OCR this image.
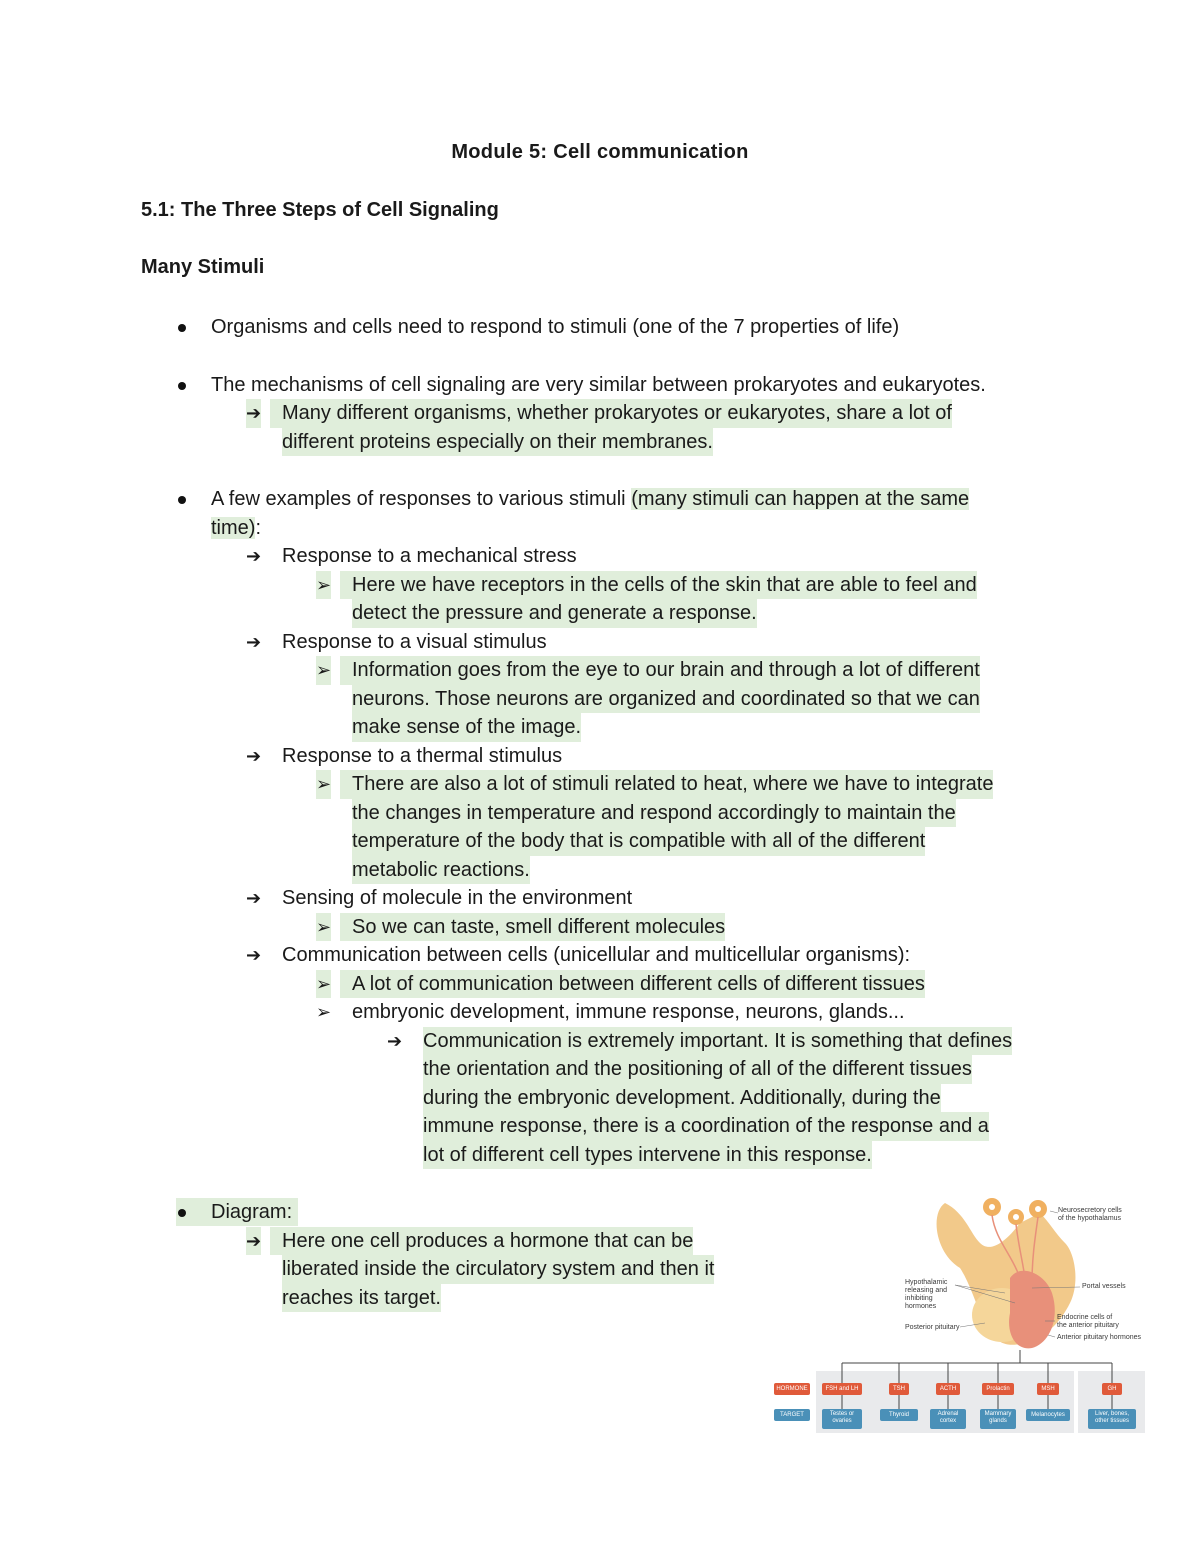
Module 5: Cell communication
5.1: The Three Steps of Cell Signaling
Many Stimuli
Organisms and cells need to respond to stimuli (one of the 7 properties of life)
The mechanisms of cell signaling are very similar between prokaryotes and eukaryotes.
➔	Many different organisms, whether prokaryotes or eukaryotes, share a lot of
different proteins especially on their membranes.
A few examples of responses to various stimuli (many stimuli can happen at the same
time):
➔ Response to a mechanical stress
➢	Here we have receptors in the cells of the skin that are able to feel and
detect the pressure and generate a response.
➔ Response to a visual stimulus
➢	Information goes from the eye to our brain and through a lot of different
neurons. Those neurons are organized and coordinated so that we can
make sense of the image.
➔ Response to a thermal stimulus
➢	There are also a lot of stimuli related to heat, where we have to integrate
the changes in temperature and respond accordingly to maintain the
temperature of the body that is compatible with all of the different
metabolic reactions.
➔ Sensing of molecule in the environment
➢	So we can taste, smell different molecules
➔ Communication between cells (unicellular and multicellular organisms):
➢	A lot of communication between different cells of different tissues
➢ embryonic development, immune response, neurons, glands...
➔ Communication is extremely important. It is something that defines
the orientation and the positioning of all of the different tissues
during the embryonic development. Additionally, during the
immune response, there is a coordination of the response and a
lot of different cell types intervene in this response.
Diagram:
➔	Here one cell produces a hormone that can be
liberated inside the circulatory system and then it
reaches its target.
Neurosecretory cells
of the hypothalamus
Hypothalamic
releasing and
inhibiting
hormones
Portal vessels
Posterior pituitary
Endocrine cells of
the anterior pituitary
Anterior pituitary hormones
HORMONE
TARGET
FSH and LH	TSH	ACTH	Prolactin	MSH	GH
Testes or
ovaries
Thyroid	Adrenal
cortex
Mammary
glands
Melanocytes	Liver, bones,
other tissues
